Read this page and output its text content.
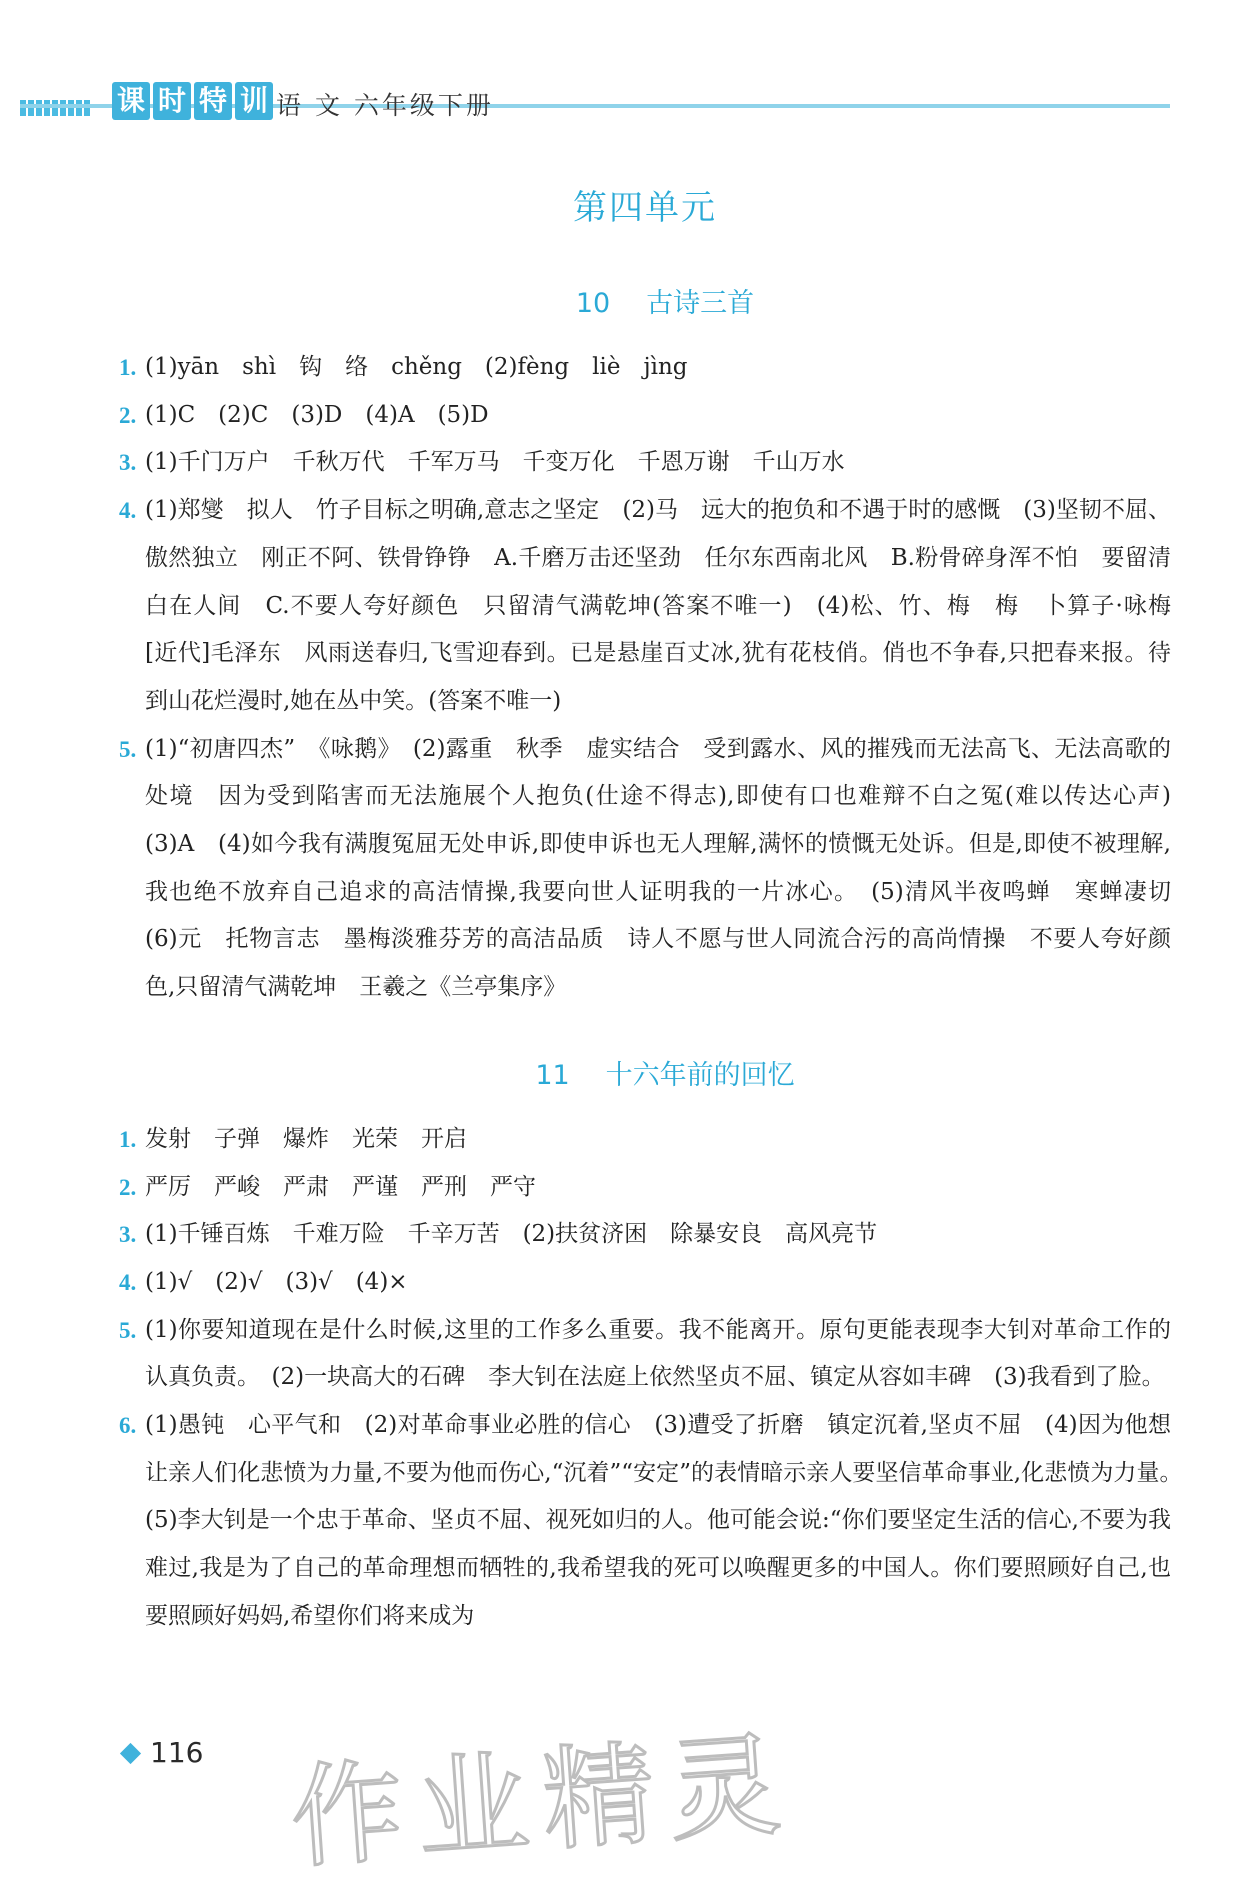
课 时 特 训 语 文 六年级下册
第四单元
10 古诗三首
1. (1)yān　shì　钩　络　chěng　(2)fèng　liè　jìng
2. (1)C　(2)C　(3)D　(4)A　(5)D
3. (1)千门万户　千秋万代　千军万马　千变万化　千恩万谢　千山万水
4. (1)郑燮　拟人　竹子目标之明确,意志之坚定　(2)马　远大的抱负和不遇于时的感慨　(3)坚韧不屈、傲然独立　刚正不阿、铁骨铮铮　A.千磨万击还坚劲　任尔东西南北风　B.粉骨碎身浑不怕　要留清白在人间　C.不要人夸好颜色　只留清气满乾坤(答案不唯一)　(4)松、竹、梅　梅　卜算子·咏梅　[近代]毛泽东　风雨送春归,飞雪迎春到。已是悬崖百丈冰,犹有花枝俏。俏也不争春,只把春来报。待到山花烂漫时,她在丛中笑。(答案不唯一)
5. (1)“初唐四杰”　《咏鹅》　(2)露重　秋季　虚实结合　受到露水、风的摧残而无法高飞、无法高歌的处境　因为受到陷害而无法施展个人抱负(仕途不得志),即使有口也难辩不白之冤(难以传达心声)　(3)A　(4)如今我有满腹冤屈无处申诉,即使申诉也无人理解,满怀的愤慨无处诉。但是,即使不被理解,我也绝不放弃自己追求的高洁情操,我要向世人证明我的一片冰心。　(5)清风半夜鸣蝉　寒蝉凄切　(6)元　托物言志　墨梅淡雅芬芳的高洁品质　诗人不愿与世人同流合污的高尚情操　不要人夸好颜色,只留清气满乾坤　王羲之《兰亭集序》
11 十六年前的回忆
1. 发射　子弹　爆炸　光荣　开启
2. 严厉　严峻　严肃　严谨　严刑　严守
3. (1)千锤百炼　千难万险　千辛万苦　(2)扶贫济困　除暴安良　高风亮节
4. (1)√　(2)√　(3)√　(4)×
5. (1)你要知道现在是什么时候,这里的工作多么重要。我不能离开。原句更能表现李大钊对革命工作的认真负责。　(2)一块高大的石碑　李大钊在法庭上依然坚贞不屈、镇定从容如丰碑　(3)我看到了脸。
6. (1)愚钝　心平气和　(2)对革命事业必胜的信心　(3)遭受了折磨　镇定沉着,坚贞不屈　(4)因为他想让亲人们化悲愤为力量,不要为他而伤心,“沉着”“安定”的表情暗示亲人要坚信革命事业,化悲愤为力量。　(5)李大钊是一个忠于革命、坚贞不屈、视死如归的人。他可能会说:“你们要坚定生活的信心,不要为我难过,我是为了自己的革命理想而牺牲的,我希望我的死可以唤醒更多的中国人。你们要照顾好自己,也要照顾好妈妈,希望你们将来成为
116 作业精灵
